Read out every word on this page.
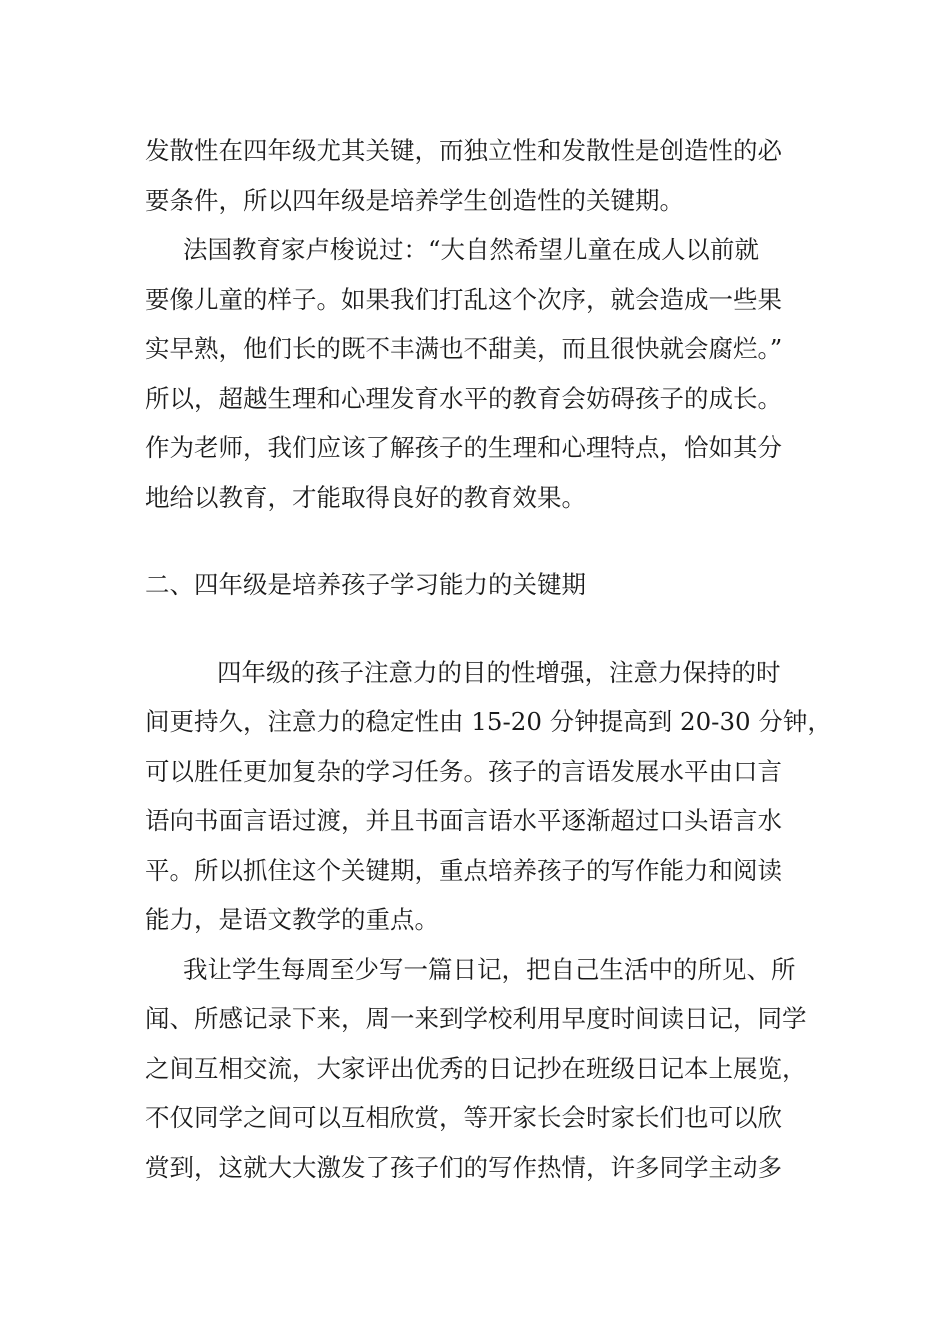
发散性在四年级尤其关键，而独立性和发散性是创造性的必

要条件，所以四年级是培养学生创造性的关键期。

法国教育家卢梭说过：“大自然希望儿童在成人以前就

要像儿童的样子。如果我们打乱这个次序，就会造成一些果

实早熟，他们长的既不丰满也不甜美，而且很快就会腐烂。”

所以，超越生理和心理发育水平的教育会妨碍孩子的成长。

作为老师，我们应该了解孩子的生理和心理特点，恰如其分

地给以教育，才能取得良好的教育效果。

二、四年级是培养孩子学习能力的关键期

四年级的孩子注意力的目的性增强，注意力保持的时

间更持久，注意力的稳定性由 15-20 分钟提高到 20-30 分钟，

可以胜任更加复杂的学习任务。孩子的言语发展水平由口言

语向书面言语过渡，并且书面言语水平逐渐超过口头语言水

平。所以抓住这个关键期，重点培养孩子的写作能力和阅读

能力，是语文教学的重点。

我让学生每周至少写一篇日记，把自己生活中的所见、所

闻、所感记录下来，周一来到学校利用早度时间读日记，同学

之间互相交流，大家评出优秀的日记抄在班级日记本上展览，

不仅同学之间可以互相欣赏，等开家长会时家长们也可以欣

赏到，这就大大激发了孩子们的写作热情，许多同学主动多
